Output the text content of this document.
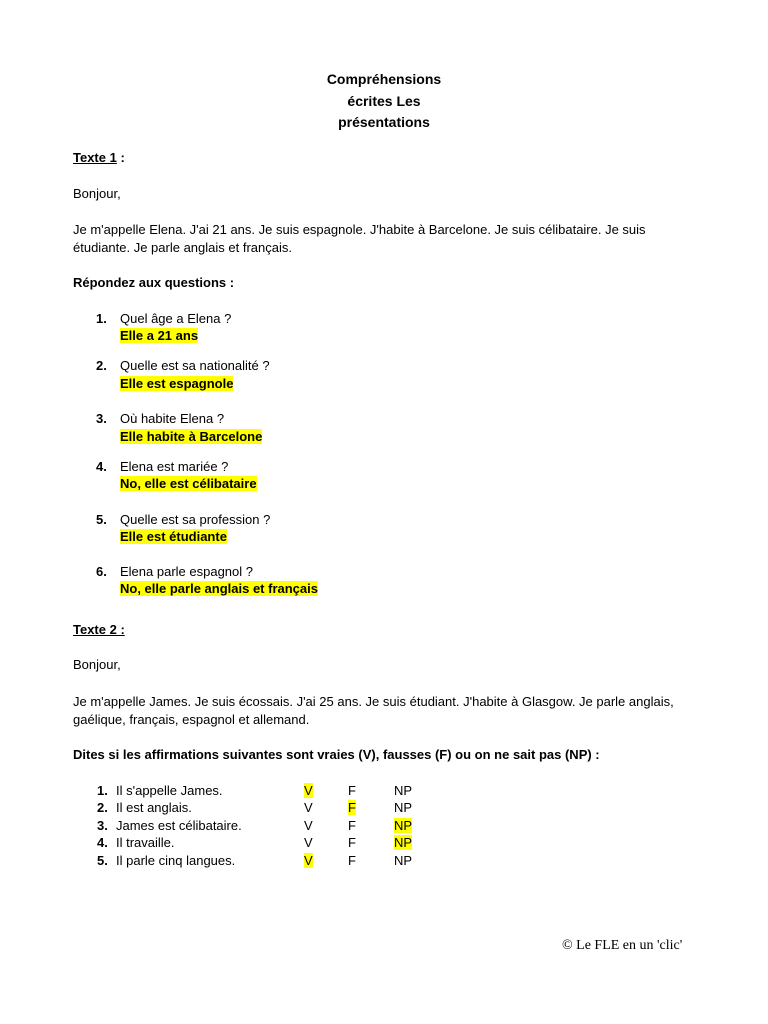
Compréhensions
écrites Les
présentations
Texte 1 :
Bonjour,
Je m'appelle Elena. J'ai 21 ans. Je suis espagnole. J'habite à Barcelone. Je suis célibataire. Je suis étudiante. Je parle anglais et français.
Répondez aux questions :
1. Quel âge a Elena ?
Elle a 21 ans
2. Quelle est sa nationalité ?
Elle est espagnole
3. Où habite Elena ?
Elle habite à Barcelone
4. Elena est mariée ?
No, elle est célibataire
5. Quelle est sa profession ?
Elle est étudiante
6. Elena parle espagnol ?
No, elle parle anglais et français
Texte 2 :
Bonjour,
Je m'appelle James. Je suis écossais. J'ai 25 ans. Je suis étudiant. J'habite à Glasgow. Je parle anglais, gaélique, français, espagnol et allemand.
Dites si les affirmations suivantes sont vraies (V), fausses (F) ou on ne sait pas (NP) :
1. Il s'appelle James.	V	F	NP
2. Il est anglais.	V	F	NP
3. James est célibataire.	V	F	NP
4. Il travaille.	V	F	NP
5. Il parle cinq langues.	V	F	NP
© Le FLE en un 'clic'
